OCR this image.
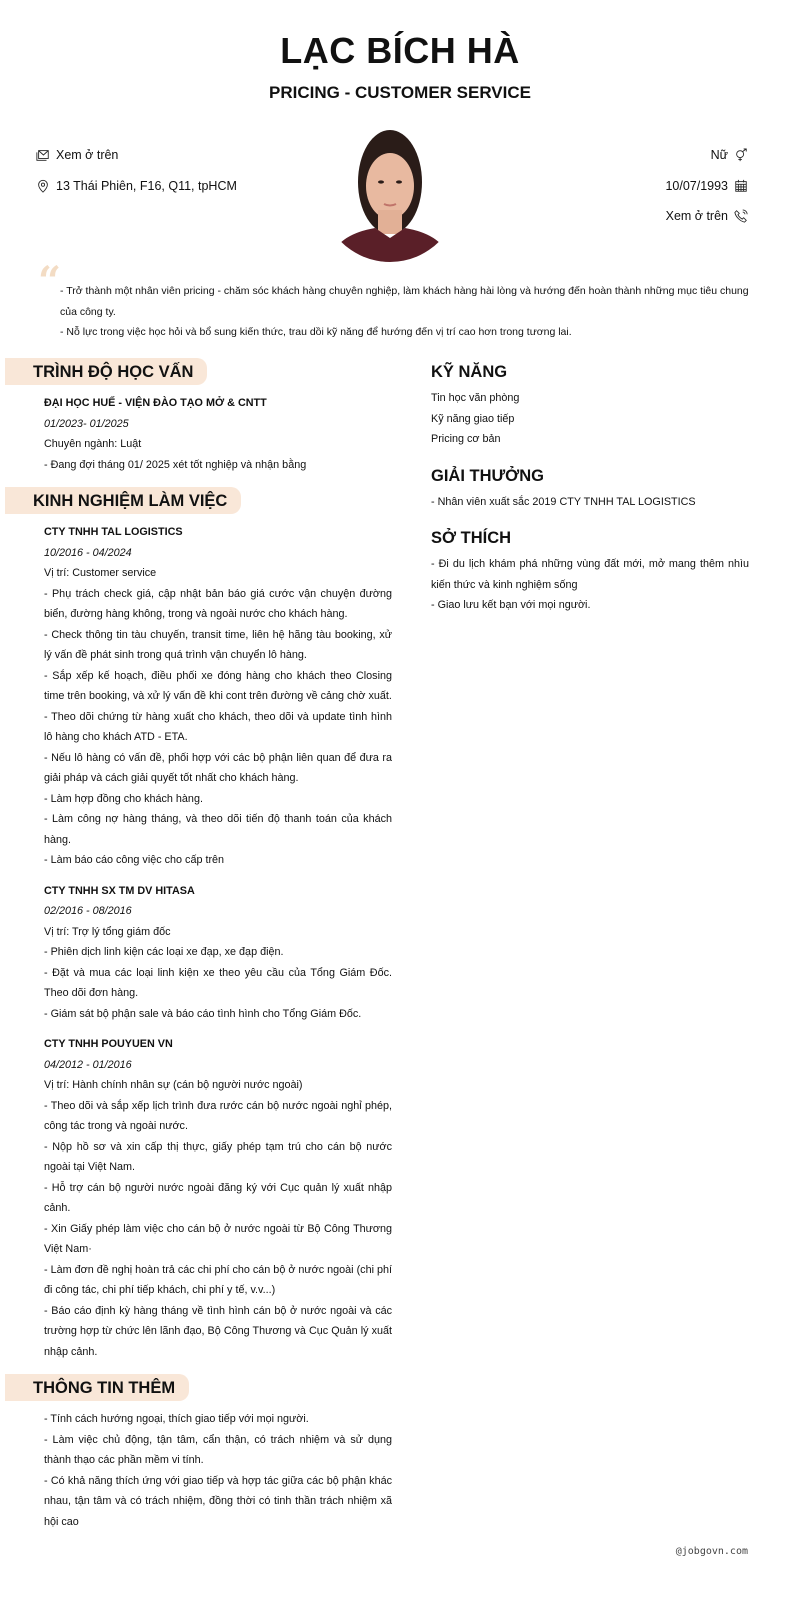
LẠC BÍCH HÀ
PRICING - CUSTOMER SERVICE
Xem ở trên
13 Thái Phiên, F16, Q11, tpHCM
Nữ
10/07/1993
Xem ở trên
“
- Trở thành một nhân viên pricing - chăm sóc khách hàng chuyên nghiệp, làm khách hàng hài lòng và hướng đến hoàn thành những mục tiêu chung của công ty.
- Nỗ lực trong việc học hỏi và bổ sung kiến thức, trau dồi kỹ năng để hướng đến vị trí cao hơn trong tương lai.
TRÌNH ĐỘ HỌC VẤN
ĐẠI HỌC HUẾ - VIỆN ĐÀO TẠO MỞ & CNTT
01/2023- 01/2025
Chuyên ngành: Luật
- Đang đợi tháng 01/ 2025 xét tốt nghiệp và nhận bằng
KINH NGHIỆM LÀM VIỆC
CTY TNHH TAL LOGISTICS
10/2016 - 04/2024
Vị trí: Customer service
- Phụ trách check giá, cập nhật bản báo giá cước vận chuyện đường biển, đường hàng không, trong và ngoài nước cho khách hàng.
- Check thông tin tàu chuyến, transit time, liên hệ hãng tàu booking, xử lý vấn đề phát sinh trong quá trình vận chuyển lô hàng.
- Sắp xếp kế hoạch, điều phối xe đóng hàng cho khách theo Closing time trên booking, và xử lý vấn đề khi cont trên đường về cảng chờ xuất.
- Theo dõi chứng từ hàng xuất cho khách, theo dõi và update tình hình lô hàng cho khách ATD - ETA.
- Nếu lô hàng có vấn đề, phối hợp với các bộ phận liên quan để đưa ra giải pháp và cách giải quyết tốt nhất cho khách hàng.
- Làm hợp đồng cho khách hàng.
- Làm công nợ hàng tháng, và theo dõi tiến độ thanh toán của khách hàng.
- Làm báo cáo công việc cho cấp trên
CTY TNHH SX TM DV HITASA
02/2016 - 08/2016
Vị trí: Trợ lý tổng giám đốc
- Phiên dịch linh kiện các loại xe đạp, xe đạp điện.
- Đặt và mua các loại linh kiện xe theo yêu cầu của Tổng Giám Đốc. Theo dõi đơn hàng.
- Giám sát bộ phận sale và báo cáo tình hình cho Tổng Giám Đốc.
CTY TNHH POUYUEN VN
04/2012 - 01/2016
Vị trí: Hành chính nhân sự (cán bộ người nước ngoài)
- Theo dõi và sắp xếp lịch trình đưa rước cán bộ nước ngoài nghỉ phép, công tác trong và ngoài nước.
- Nộp hồ sơ và xin cấp thị thực, giấy phép tạm trú cho cán bộ nước ngoài tại Việt Nam.
- Hỗ trợ cán bộ người nước ngoài đăng ký với Cục quản lý xuất nhập cảnh.
- Xin Giấy phép làm việc cho cán bộ ở nước ngoài từ Bộ Công Thương Việt Nam·
- Làm đơn đề nghị hoàn trả các chi phí cho cán bộ ở nước ngoài (chi phí đi công tác, chi phí tiếp khách, chi phí y tế, v.v...)
- Báo cáo định kỳ hàng tháng về tình hình cán bộ ở nước ngoài và các trường hợp từ chức lên lãnh đạo, Bộ Công Thương và Cục Quản lý xuất nhập cảnh.
THÔNG TIN THÊM
- Tính cách hướng ngoại, thích giao tiếp với mọi người.
- Làm việc chủ động, tận tâm, cẩn thận, có trách nhiệm và sử dụng thành thạo các phần mềm vi tính.
- Có khả năng thích ứng với giao tiếp và hợp tác giữa các bộ phận khác nhau, tận tâm và có trách nhiệm, đồng thời có tinh thần trách nhiệm xã hội cao
KỸ NĂNG
Tin học văn phòng
Kỹ năng giao tiếp
Pricing cơ bản
GIẢI THƯỞNG
- Nhân viên xuất sắc 2019 CTY TNHH TAL LOGISTICS
SỞ THÍCH
- Đi du lịch khám phá những vùng đất mới, mở mang thêm nhìu kiến thức và kinh nghiệm sống
- Giao lưu kết bạn với mọi người.
@jobgovn.com
